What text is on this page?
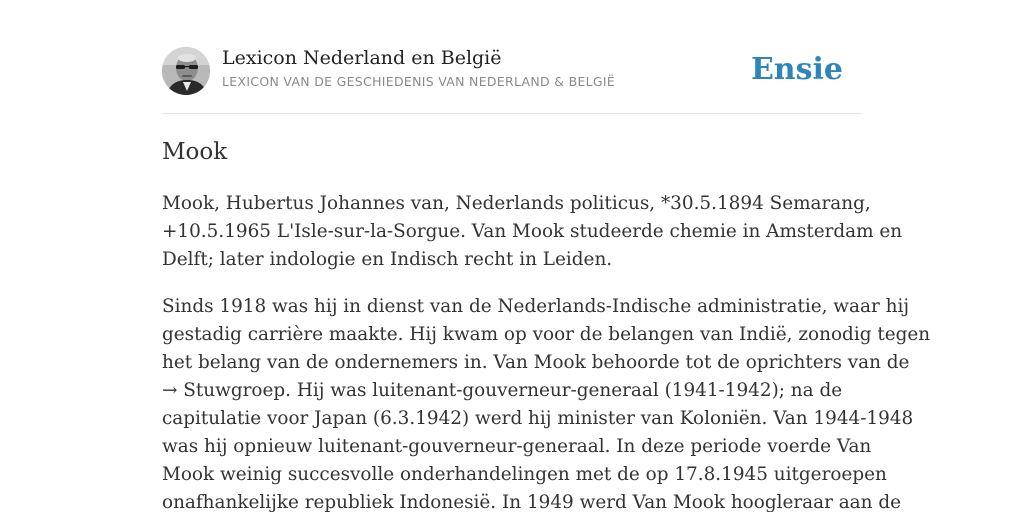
Lexicon Nederland en België
LEXICON VAN DE GESCHIEDENIS VAN NEDERLAND & BELGIË	Ensie
Mook

Mook, Hubertus Johannes van, Nederlands politicus, *30.5.1894 Semarang,
+10.5.1965 L'Isle-sur-la-Sorgue. Van Mook studeerde chemie in Amsterdam en
Delft; later indologie en Indisch recht in Leiden.

Sinds 1918 was hij in dienst van de Nederlands-Indische administratie, waar hij
gestadig carrière maakte. Hij kwam op voor de belangen van Indië, zonodig tegen
het belang van de ondernemers in. Van Mook behoorde tot de oprichters van de
→ Stuwgroep. Hij was luitenant-gouverneur-generaal (1941-1942); na de
capitulatie voor Japan (6.3.1942) werd hij minister van Koloniën. Van 1944-1948
was hij opnieuw luitenant-gouverneur-generaal. In deze periode voerde Van
Mook weinig succesvolle onderhandelingen met de op 17.8.1945 uitgeroepen
onafhankelijke republiek Indonesië. In 1949 werd Van Mook hoogleraar aan de
